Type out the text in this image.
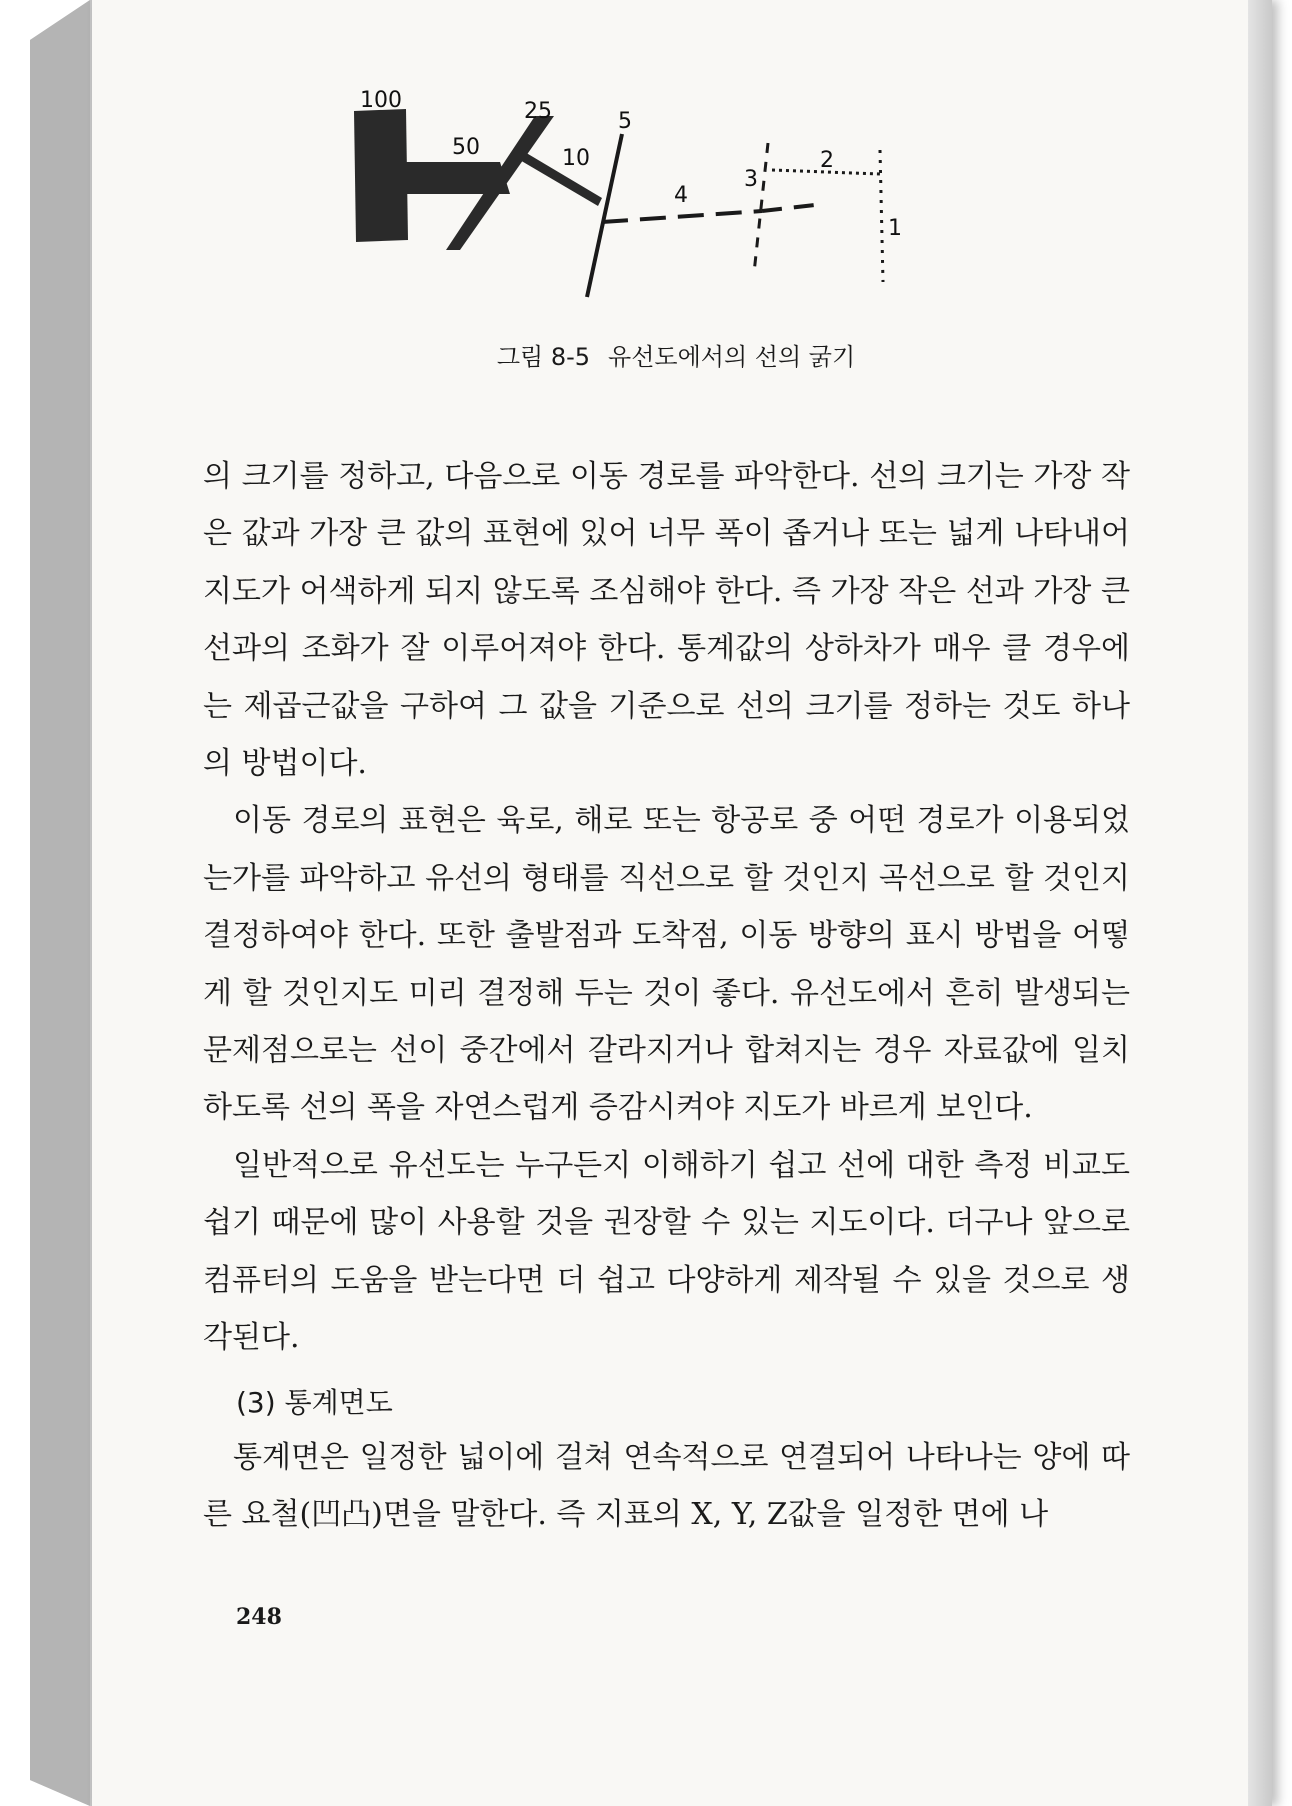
100
50
25
10
5
4
3
2
1
그림 8-5 유선도에서의 선의 굵기

의 크기를 정하고, 다음으로 이동 경로를 파악한다. 선의 크기는 가장 작은 값과 가장 큰 값의 표현에 있어 너무 폭이 좁거나 또는 넓게 나타내어 지도가 어색하게 되지 않도록 조심해야 한다. 즉 가장 작은 선과 가장 큰 선과의 조화가 잘 이루어져야 한다. 통계값의 상하차가 매우 클 경우에는 제곱근값을 구하여 그 값을 기준으로 선의 크기를 정하는 것도 하나의 방법이다.

이동 경로의 표현은 육로, 해로 또는 항공로 중 어떤 경로가 이용되었는가를 파악하고 유선의 형태를 직선으로 할 것인지 곡선으로 할 것인지 결정하여야 한다. 또한 출발점과 도착점, 이동 방향의 표시 방법을 어떻게 할 것인지도 미리 결정해 두는 것이 좋다. 유선도에서 흔히 발생되는 문제점으로는 선이 중간에서 갈라지거나 합쳐지는 경우 자료값에 일치하도록 선의 폭을 자연스럽게 증감시켜야 지도가 바르게 보인다.

일반적으로 유선도는 누구든지 이해하기 쉽고 선에 대한 측정 비교도 쉽기 때문에 많이 사용할 것을 권장할 수 있는 지도이다. 더구나 앞으로 컴퓨터의 도움을 받는다면 더 쉽고 다양하게 제작될 수 있을 것으로 생각된다.

(3) 통계면도

통계면은 일정한 넓이에 걸쳐 연속적으로 연결되어 나타나는 양에 따른 요철(凹凸)면을 말한다. 즉 지표의 X, Y, Z값을 일정한 면에 나

248
